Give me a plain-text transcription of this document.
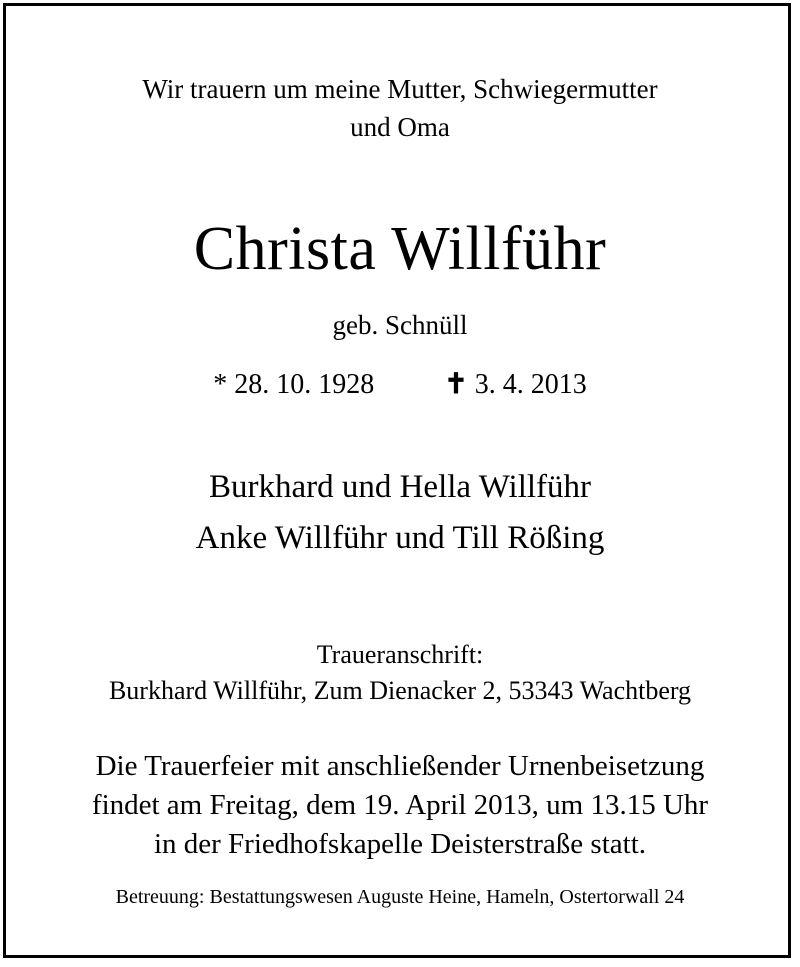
Wir trauern um meine Mutter, Schwiegermutter
und Oma
Christa Willführ
geb. Schnüll
* 28. 10. 1928	✝ 3. 4. 2013
Burkhard und Hella Willführ
Anke Willführ und Till Rößing
Traueranschrift:
Burkhard Willführ, Zum Dienacker 2, 53343 Wachtberg
Die Trauerfeier mit anschließender Urnenbeisetzung
findet am Freitag, dem 19. April 2013, um 13.15 Uhr
in der Friedhofskapelle Deisterstraße statt.
Betreuung: Bestattungswesen Auguste Heine, Hameln, Ostertorwall 24
